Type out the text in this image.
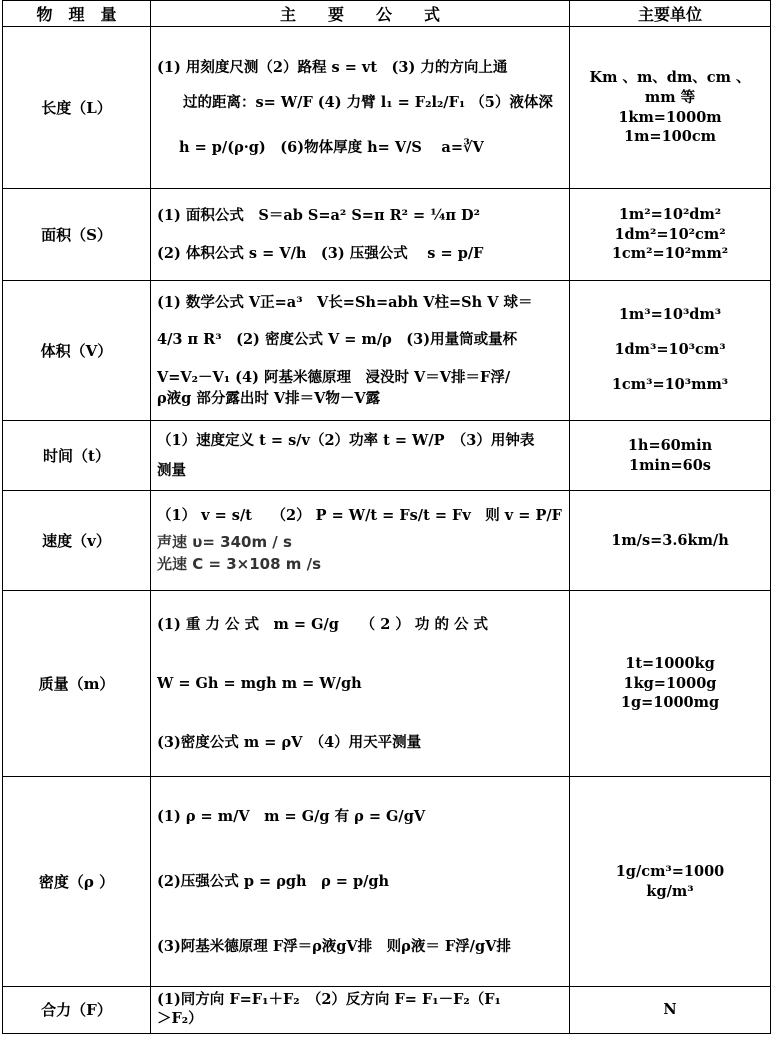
物　理　量	主　　要　　公　　式	主要单位
长度（L）	(1) 用刻度尺测（2）路程 s = vt　(3) 力的方向上通
过的距离：s= W/F (4) 力臂 l₁ = F₂l₂/F₁ （5）液体深
h = p/(ρ·g)　(6)物体厚度 h= V/S　 a=∛V	Km 、m、dm、cm 、
mm 等
1km=1000m
1m=100cm

面积（S）	(1) 面积公式　S＝ab S=a² S=π R² = ¼π D²
(2) 体积公式 s = V/h　(3) 压强公式　 s = p/F	1m²=10²dm²
1dm²=10²cm²
1cm²=10²mm²

体积（V）	(1) 数学公式 V正=a³　V长=Sh=abh V柱=Sh V 球＝
4/3 π R³　(2) 密度公式 V = m/ρ　(3)用量筒或量杯
V=V₂－V₁ (4) 阿基米德原理　浸没时 V＝V排＝F浮/
ρ液g 部分露出时 V排＝V物－V露	1m³=10³dm³
1dm³=10³cm³
1cm³=10³mm³

时间（t）	（1）速度定义 t = s/v（2）功率 t = W/P　（3）用钟表
测量	1h=60min
1min=60s

速度（v）	（1） v = s/t　 （2） P = W/t = Fs/t = Fv　则 v = P/F
声速 υ= 340m / s
光速 C = 3×108 m /s	1m/s=3.6km/h

质量（m）	(1) 重 力 公 式　m = G/g　　（ 2 ） 功 的 公 式
W = Gh = mgh m = W/gh
(3)密度公式 m = ρV　（4）用天平测量	1t=1000kg
1kg=1000g
1g=1000mg

密度（ρ ）	(1) ρ = m/V　m = G/g 有 ρ = G/gV
(2)压强公式 p = ρgh　ρ = p/gh
(3)阿基米德原理 F浮＝ρ液gV排　则ρ液＝ F浮/gV排	1g/cm³=1000
kg/m³

合力（F）	(1)同方向 F=F₁＋F₂　（2）反方向 F= F₁－F₂（F₁
＞F₂）	N
